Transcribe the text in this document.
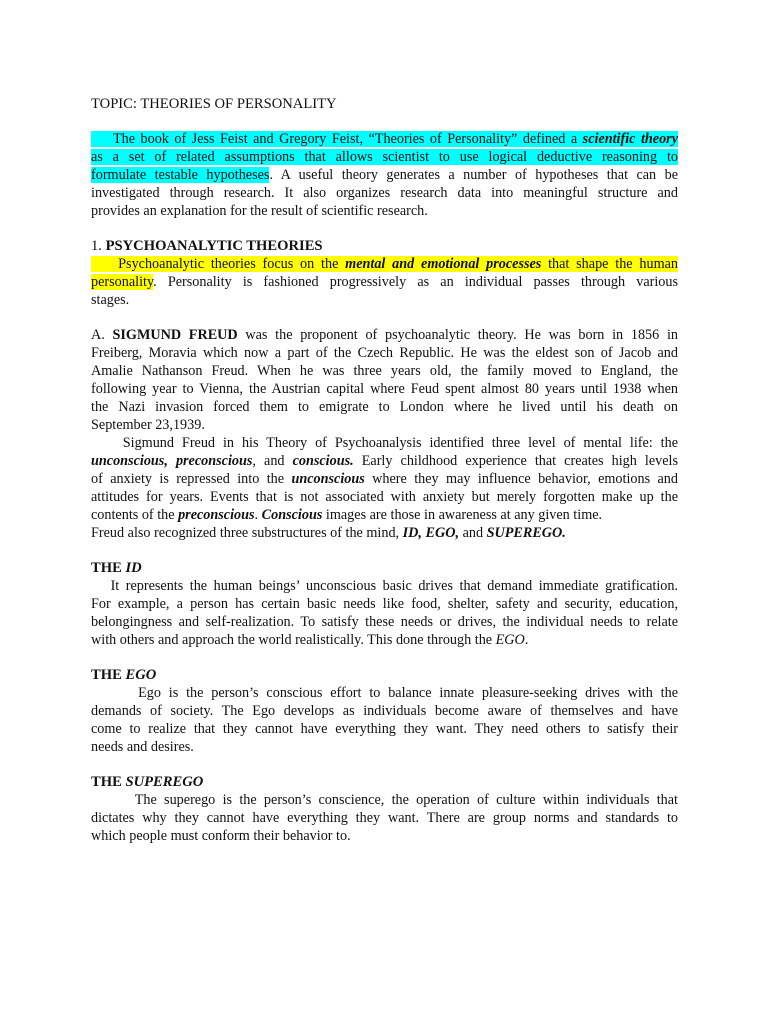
TOPIC: THEORIES OF PERSONALITY
The book of Jess Feist and Gregory Feist, “Theories of Personality” defined a scientific theory
as a set of related assumptions that allows scientist to use logical deductive reasoning to
formulate testable hypotheses. A useful theory generates a number of hypotheses that can be
investigated through research. It also organizes research data into meaningful structure and
provides an explanation for the result of scientific research.
1. PSYCHOANALYTIC THEORIES
Psychoanalytic theories focus on the mental and emotional processes that shape the human
personality. Personality is fashioned progressively as an individual passes through various
stages.
A. SIGMUND FREUD was the proponent of psychoanalytic theory. He was born in 1856 in
Freiberg, Moravia which now a part of the Czech Republic. He was the eldest son of Jacob and
Amalie Nathanson Freud. When he was three years old, the family moved to England, the
following year to Vienna, the Austrian capital where Feud spent almost 80 years until 1938 when
the Nazi invasion forced them to emigrate to London where he lived until his death on
September 23,1939.
Sigmund Freud in his Theory of Psychoanalysis identified three level of mental life: the
unconscious, preconscious, and conscious. Early childhood experience that creates high levels
of anxiety is repressed into the unconscious where they may influence behavior, emotions and
attitudes for years. Events that is not associated with anxiety but merely forgotten make up the
contents of the preconscious. Conscious images are those in awareness at any given time.
Freud also recognized three substructures of the mind, ID, EGO, and SUPEREGO.
THE ID
It represents the human beings’ unconscious basic drives that demand immediate gratification.
For example, a person has certain basic needs like food, shelter, safety and security, education,
belongingness and self-realization. To satisfy these needs or drives, the individual needs to relate
with others and approach the world realistically. This done through the EGO.
THE EGO
Ego is the person’s conscious effort to balance innate pleasure-seeking drives with the
demands of society. The Ego develops as individuals become aware of themselves and have
come to realize that they cannot have everything they want. They need others to satisfy their
needs and desires.
THE SUPEREGO
The superego is the person’s conscience, the operation of culture within individuals that
dictates why they cannot have everything they want. There are group norms and standards to
which people must conform their behavior to.
